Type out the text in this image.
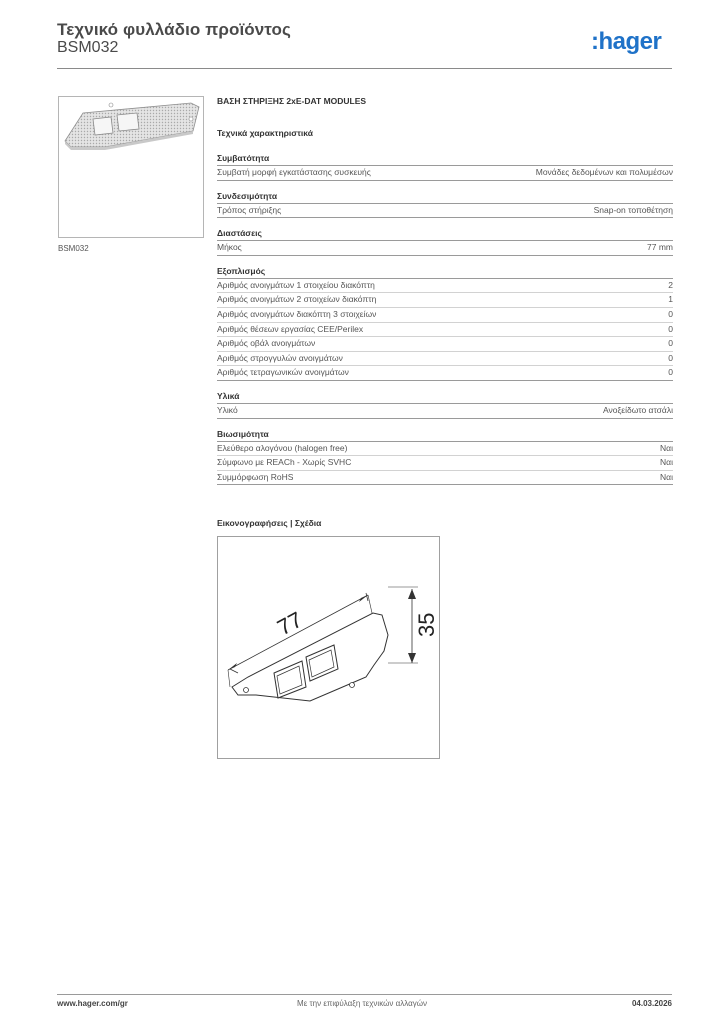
Τεχνικό φυλλάδιο προϊόντος
BSM032	:hager
BSM032
ΒΑΣΗ ΣΤΗΡΙΞΗΣ 2xE-DAT MODULES
Τεχνικά χαρακτηριστικά
Συμβατότητα
Συμβατή μορφή εγκατάστασης συσκευής	Μονάδες δεδομένων και πολυμέσων
Συνδεσιμότητα
Τρόπος στήριξης	Snap-on τοποθέτηση
Διαστάσεις
Μήκος	77 mm
Εξοπλισμός
Αριθμός ανοιγμάτων 1 στοιχείου διακόπτη	2
Αριθμός ανοιγμάτων 2 στοιχείων διακόπτη	1
Αριθμός ανοιγμάτων διακόπτη 3 στοιχείων	0
Αριθμός θέσεων εργασίας CEE/Perilex	0
Αριθμός οβάλ ανοιγμάτων	0
Αριθμός στρογγυλών ανοιγμάτων	0
Αριθμός τετραγωνικών ανοιγμάτων	0
Υλικά
Υλικό	Ανοξείδωτο ατσάλι
Βιωσιμότητα
Ελεύθερο αλογόνου (halogen free)	Ναι
Σύμφωνο με REACh - Χωρίς SVHC	Ναι
Συμμόρφωση RoHS	Ναι
Εικονογραφήσεις | Σχέδια
77	35
www.hager.com/gr	Με την επιφύλαξη τεχνικών αλλαγών	04.03.2026
